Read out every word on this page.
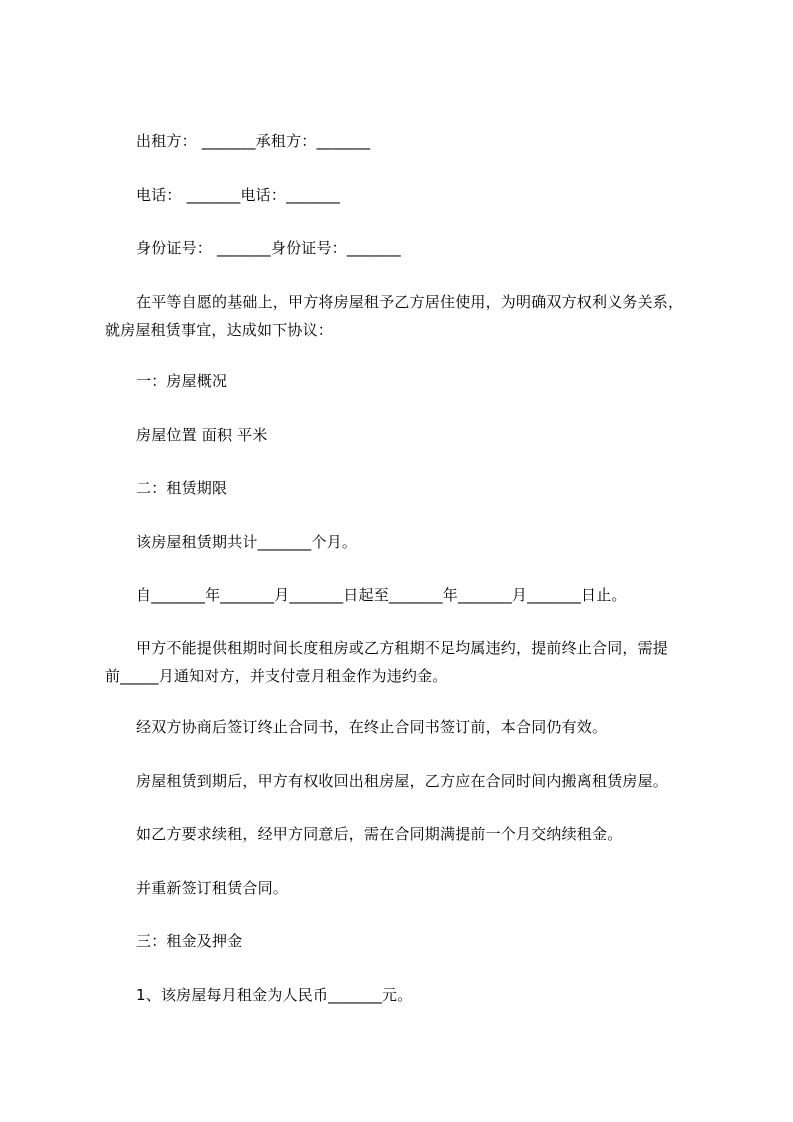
出租方： _______承租方：_______
电话： _______电话：_______
身份证号： _______身份证号：_______
在平等自愿的基础上，甲方将房屋租予乙方居住使用，为明确双方权利义务关系，
就房屋租赁事宜，达成如下协议：
一：房屋概况
房屋位置 面积 平米
二：租赁期限
该房屋租赁期共计_______个月。
自_______年_______月_______日起至_______年_______月_______日止。
甲方不能提供租期时间长度租房或乙方租期不足均属违约，提前终止合同，需提
前_____月通知对方，并支付壹月租金作为违约金。
经双方协商后签订终止合同书，在终止合同书签订前，本合同仍有效。
房屋租赁到期后，甲方有权收回出租房屋，乙方应在合同时间内搬离租赁房屋。
如乙方要求续租，经甲方同意后，需在合同期满提前一个月交纳续租金。
并重新签订租赁合同。
三：租金及押金
1、该房屋每月租金为人民币_______元。
